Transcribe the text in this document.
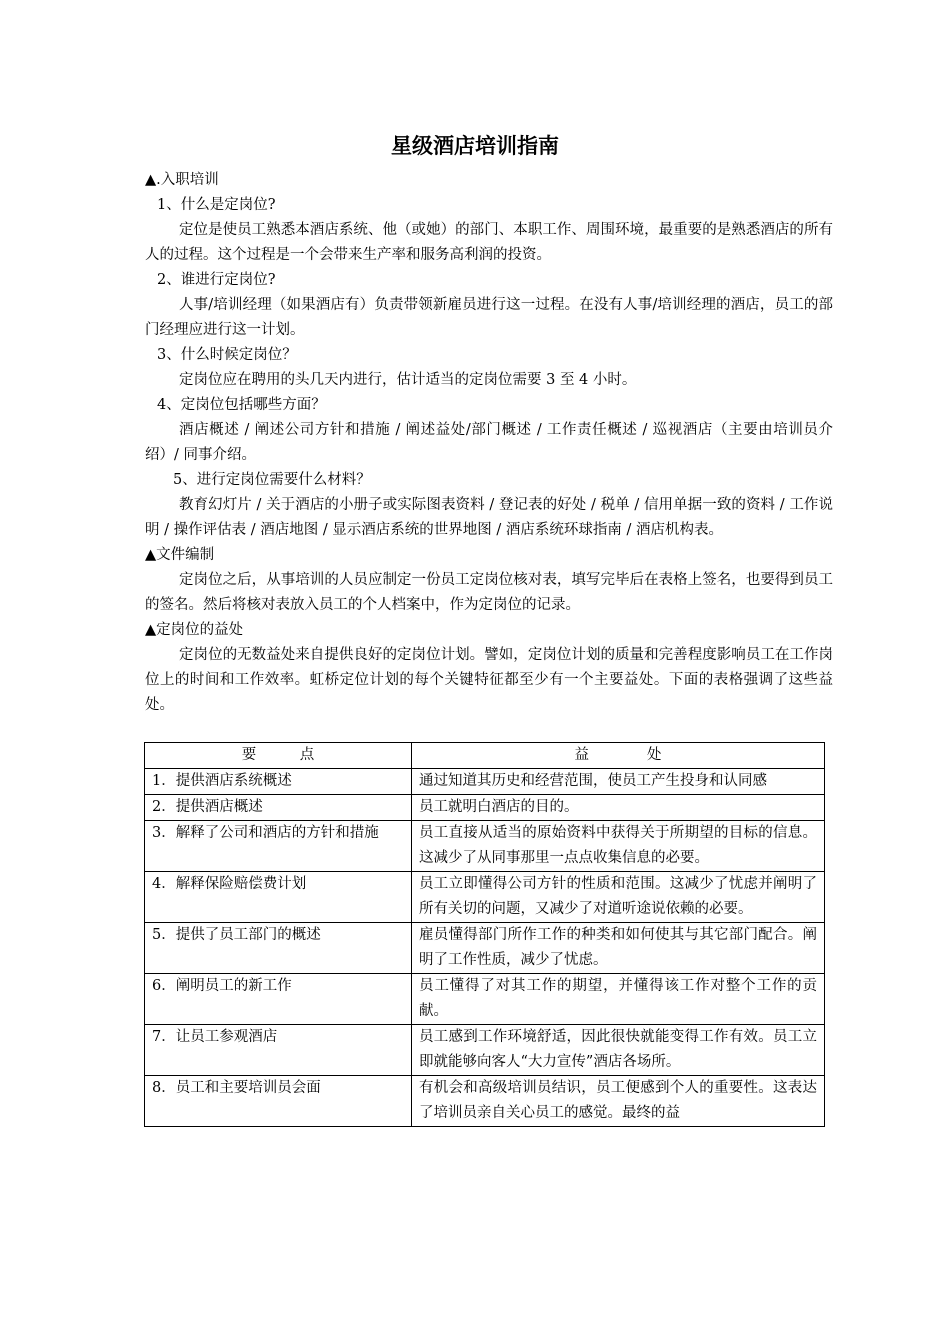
星级酒店培训指南

▲.入职培训

1、什么是定岗位?

定位是使员工熟悉本酒店系统、他（或她）的部门、本职工作、周围环境，最重要的是熟悉酒店的所有人的过程。这个过程是一个会带来生产率和服务高利润的投资。

2、谁进行定岗位?

人事/培训经理（如果酒店有）负责带领新雇员进行这一过程。在没有人事/培训经理的酒店，员工的部门经理应进行这一计划。

3、什么时候定岗位？

定岗位应在聘用的头几天内进行，估计适当的定岗位需要 3 至 4 小时。

4、定岗位包括哪些方面？

酒店概述 / 阐述公司方针和措施 / 阐述益处/部门概述 / 工作责任概述 / 巡视酒店（主要由培训员介绍）/ 同事介绍。

5、进行定岗位需要什么材料？

教育幻灯片 / 关于酒店的小册子或实际图表资料 / 登记表的好处 / 税单 / 信用单据一致的资料 / 工作说明 / 操作评估表 / 酒店地图 / 显示酒店系统的世界地图 / 酒店系统环球指南 / 酒店机构表。

▲文件编制

定岗位之后，从事培训的人员应制定一份员工定岗位核对表，填写完毕后在表格上签名，也要得到员工的签名。然后将核对表放入员工的个人档案中，作为定岗位的记录。

▲定岗位的益处

定岗位的无数益处来自提供良好的定岗位计划。譬如，定岗位计划的质量和完善程度影响员工在工作岗位上的时间和工作效率。虹桥定位计划的每个关键特征都至少有一个主要益处。下面的表格强调了这些益处。

要　　　点	益　　　　处
1．提供酒店系统概述	通过知道其历史和经营范围，使员工产生投身和认同感
2．提供酒店概述	员工就明白酒店的目的。
3．解释了公司和酒店的方针和措施	员工直接从适当的原始资料中获得关于所期望的目标的信息。这减少了从同事那里一点点收集信息的必要。
4．解释保险赔偿费计划	员工立即懂得公司方针的性质和范围。这减少了忧虑并阐明了所有关切的问题，又减少了对道听途说依赖的必要。
5．提供了员工部门的概述	雇员懂得部门所作工作的种类和如何使其与其它部门配合。阐明了工作性质，减少了忧虑。
6．阐明员工的新工作	员工懂得了对其工作的期望，并懂得该工作对整个工作的贡献。
7．让员工参观酒店	员工感到工作环境舒适，因此很快就能变得工作有效。员工立即就能够向客人“大力宣传”酒店各场所。
8．员工和主要培训员会面	有机会和高级培训员结识，员工便感到个人的重要性。这表达了培训员亲自关心员工的感觉。最终的益
